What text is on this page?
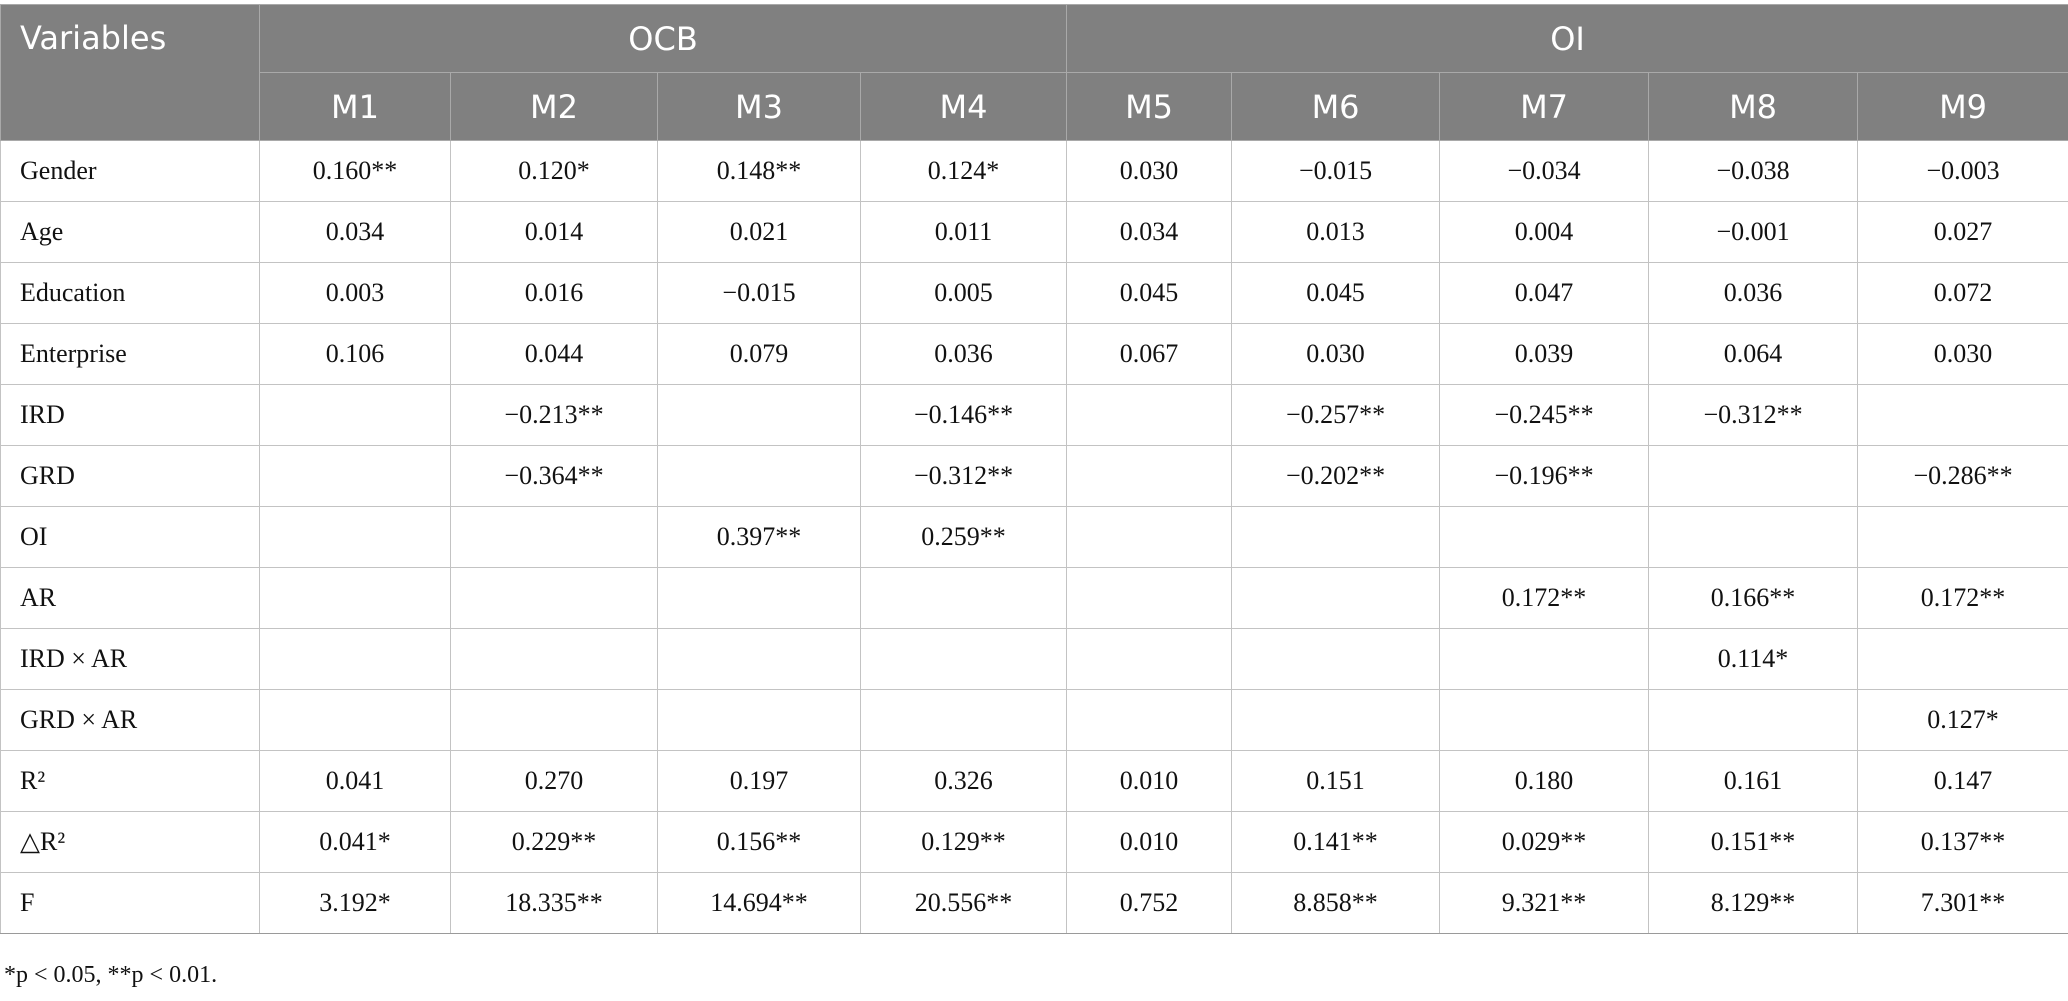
Variables	OCB				OI				
	M1	M2	M3	M4	M5	M6	M7	M8	M9
Gender	0.160**	0.120*	0.148**	0.124*	0.030	−0.015	−0.034	−0.038	−0.003
Age	0.034	0.014	0.021	0.011	0.034	0.013	0.004	−0.001	0.027
Education	0.003	0.016	−0.015	0.005	0.045	0.045	0.047	0.036	0.072
Enterprise	0.106	0.044	0.079	0.036	0.067	0.030	0.039	0.064	0.030
IRD		−0.213**		−0.146**		−0.257**	−0.245**	−0.312**	
GRD		−0.364**		−0.312**		−0.202**	−0.196**		−0.286**
OI			0.397**	0.259**					
AR							0.172**	0.166**	0.172**
IRD × AR								0.114*	
GRD × AR									0.127*
R²	0.041	0.270	0.197	0.326	0.010	0.151	0.180	0.161	0.147
△R²	0.041*	0.229**	0.156**	0.129**	0.010	0.141**	0.029**	0.151**	0.137**
F	3.192*	18.335**	14.694**	20.556**	0.752	8.858**	9.321**	8.129**	7.301**
*p < 0.05, **p < 0.01.
